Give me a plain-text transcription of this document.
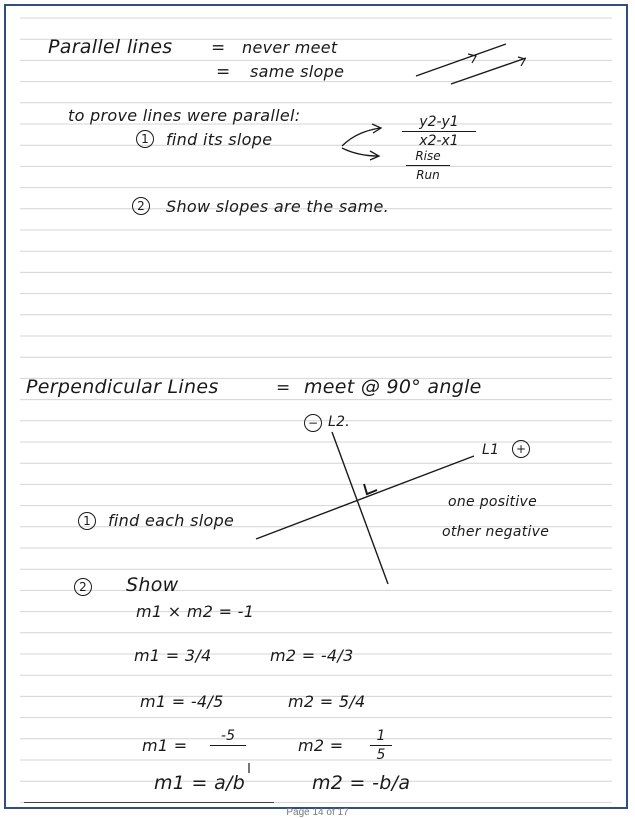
Parallel lines = never meet
= same slope
to prove lines were parallel:
1	find its slope
y2-y1
x2-x1
Rise
Run
2	Show slopes are the same.
Perpendicular Lines	= meet @ 90° angle
− L2.
L1	+
one positive
other negative
1	find each slope
2 Show
m1 × m2 = -1
m1 = 3/4	m2 = -4/3
m1 = -4/5	m2 = 5/4
m1 =	-5	m2 =	1
5
m1 = a/b	m2 = -b/a
Page 14 of 17
